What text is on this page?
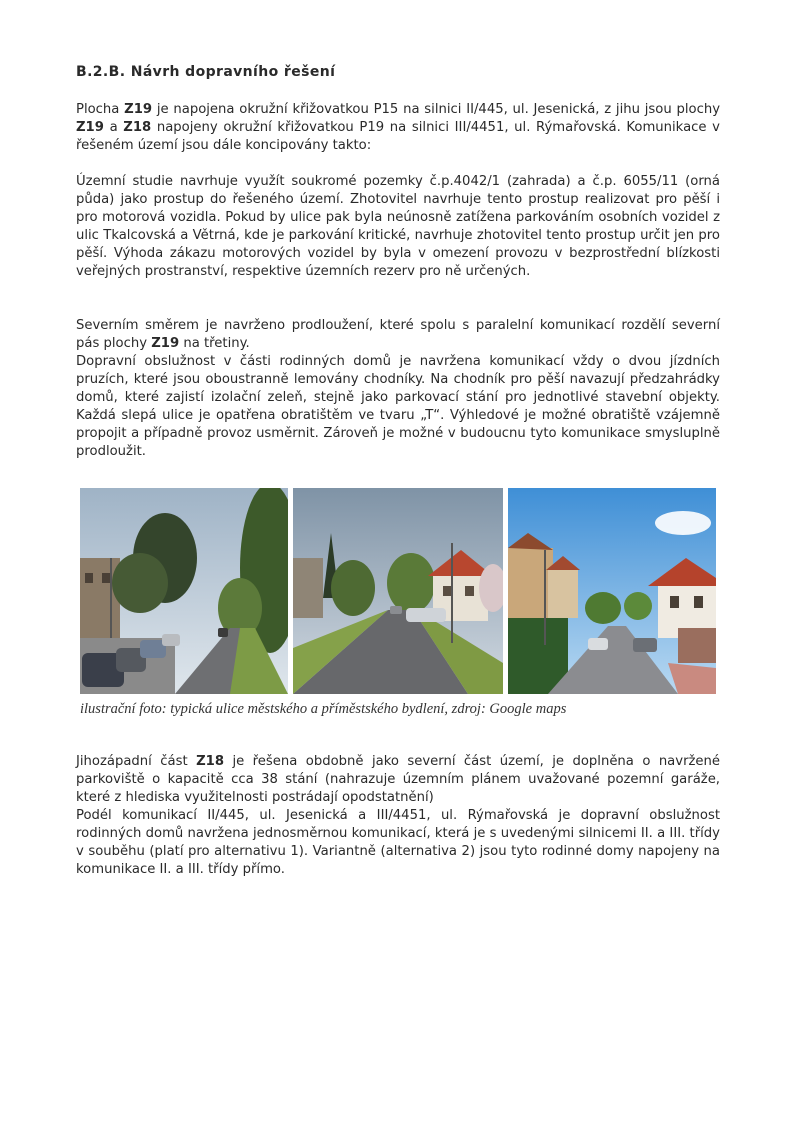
B.2.B. Návrh dopravního řešení

Plocha Z19 je napojena okružní křižovatkou P15 na silnici II/445, ul. Jesenická, z jihu jsou plochy Z19 a Z18 napojeny okružní křižovatkou P19 na silnici III/4451, ul. Rýmařovská. Komunikace v řešeném území jsou dále koncipovány takto:

Územní studie navrhuje využít soukromé pozemky č.p.4042/1 (zahrada) a č.p. 6055/11 (orná půda) jako prostup do řešeného území. Zhotovitel navrhuje tento prostup realizovat pro pěší i pro motorová vozidla. Pokud by ulice pak byla neúnosně zatížena parkováním osobních vozidel z ulic Tkalcovská a Větrná, kde je parkování kritické, navrhuje zhotovitel tento prostup určit jen pro pěší. Výhoda zákazu motorových vozidel by byla v omezení provozu v bezprostřední blízkosti veřejných prostranství, respektive územních rezerv pro ně určených.

Severním směrem je navrženo prodloužení, které spolu s paralelní komunikací rozdělí severní pás plochy Z19 na třetiny.

Dopravní obslužnost v části rodinných domů je navržena komunikací vždy o dvou jízdních pruzích, které jsou oboustranně lemovány chodníky. Na chodník pro pěší navazují předzahrádky domů, které zajistí izolační zeleň, stejně jako parkovací stání pro jednotlivé stavební objekty. Každá slepá ulice je opatřena obratištěm ve tvaru „T“. Výhledové je možné obratiště vzájemně propojit a případně provoz usměrnit. Zároveň je možné v budoucnu tyto komunikace smysluplně prodloužit.

ilustrační foto: typická ulice městského a příměstského bydlení, zdroj: Google maps

Jihozápadní část Z18 je řešena obdobně jako severní část území, je doplněna o navržené parkoviště o kapacitě cca 38 stání (nahrazuje územním plánem uvažované pozemní garáže, které z hlediska využitelnosti postrádají opodstatnění)

Podél komunikací II/445, ul. Jesenická a III/4451, ul. Rýmařovská je dopravní obslužnost rodinných domů navržena jednosměrnou komunikací, která je s uvedenými silnicemi II. a III. třídy v souběhu (platí pro alternativu 1). Variantně (alternativa 2) jsou tyto rodinné domy napojeny na komunikace II. a III. třídy přímo.
